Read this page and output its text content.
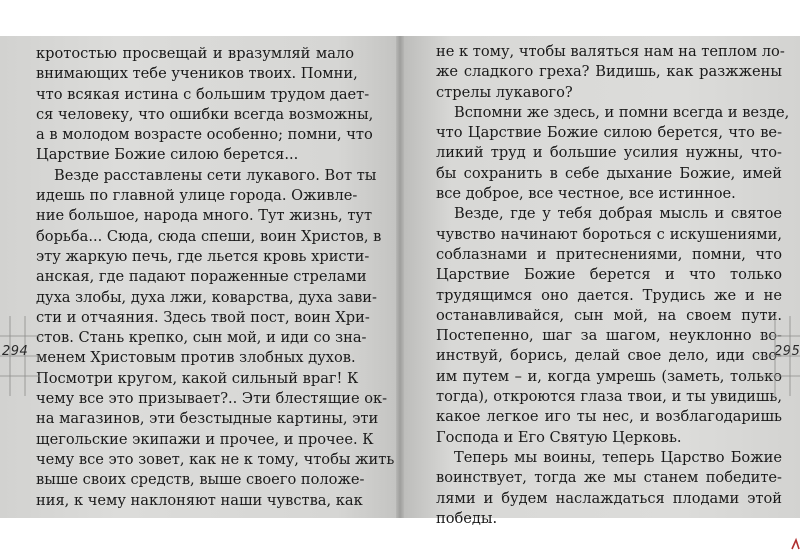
кротостью просвещай и вразумляй мало
внимающих тебе учеников твоих. Помни,
что всякая истина с большим трудом дает-
ся человеку, что ошибки всегда возможны,
а в молодом возрасте особенно; помни, что
Царствие Божие силою берется...
Везде расставлены сети лукавого. Вот ты
идешь по главной улице города. Оживле-
ние большое, народа много. Тут жизнь, тут
борьба... Сюда, сюда спеши, воин Христов, в
эту жаркую печь, где льется кровь христи-
анская, где падают пораженные стрелами
духа злобы, духа лжи, коварства, духа зави-
сти и отчаяния. Здесь твой пост, воин Хри-
стов. Стань крепко, сын мой, и иди со зна-
менем Христовым против злобных духов.
Посмотри кругом, какой сильный враг! К
чему все это призывает?.. Эти блестящие ок-
на магазинов, эти безстыдные картины, эти
щегольские экипажи и прочее, и прочее. К
чему все это зовет, как не к тому, чтобы жить
выше своих средств, выше своего положе-
ния, к чему наклоняют наши чувства, как
294
не к тому, чтобы валяться нам на теплом ло-
же сладкого греха? Видишь, как разжжены
стрелы лукавого?
Вспомни же здесь, и помни всегда и везде,
что Царствие Божие силою берется, что ве-
ликий труд и большие усилия нужны, что-
бы сохранить в себе дыхание Божие, имей
все доброе, все честное, все истинное.
Везде, где у тебя добрая мысль и святое
чувство начинают бороться с искушениями,
соблазнами и притеснениями, помни, что
Царствие Божие берется и что только
трудящимся оно дается. Трудись же и не
останавливайся, сын мой, на своем пути.
Постепенно, шаг за шагом, неуклонно во-
инствуй, борись, делай свое дело, иди сво-
им путем – и, когда умрешь (заметь, только
тогда), откроются глаза твои, и ты увидишь,
какое легкое иго ты нес, и возблагодаришь
Господа и Его Святую Церковь.
Теперь мы воины, теперь Царство Божие
воинствует, тогда же мы станем победите-
лями и будем наслаждаться плодами этой
победы.
295
